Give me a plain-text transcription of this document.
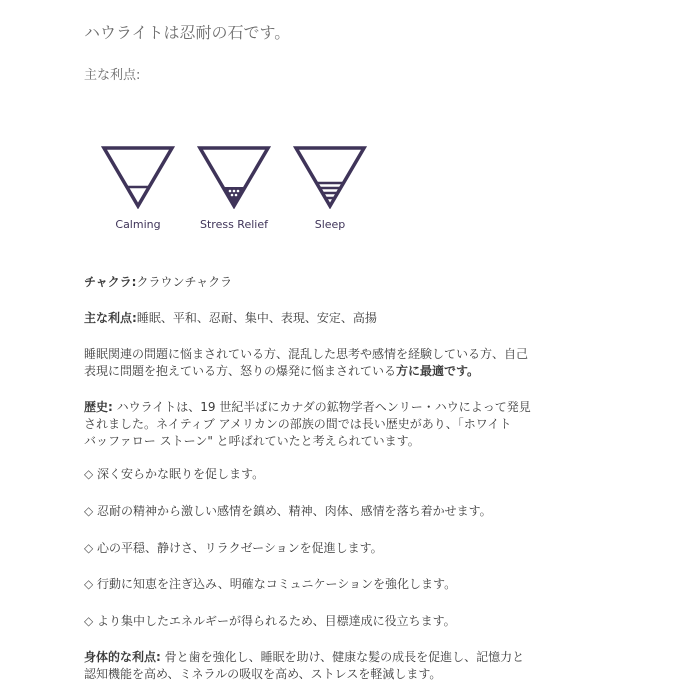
ハウライトは忍耐の石です。
主な利点:
Calming	Stress Relief	Sleep
チャクラ:クラウンチャクラ
主な利点:睡眠、平和、忍耐、集中、表現、安定、高揚
睡眠関連の問題に悩まされている方、混乱した思考や感情を経験している方、自己
表現に問題を抱えている方、怒りの爆発に悩まされている方に最適です。
歴史: ハウライトは、19 世紀半ばにカナダの鉱物学者ヘンリー・ハウによって発見
されました。ネイティブ アメリカンの部族の間では長い歴史があり、「ホワイト
バッファロー ストーン" と呼ばれていたと考えられています。
◇ 深く安らかな眠りを促します。
◇ 忍耐の精神から激しい感情を鎮め、精神、肉体、感情を落ち着かせます。
◇ 心の平穏、静けさ、リラクゼーションを促進します。
◇ 行動に知恵を注ぎ込み、明確なコミュニケーションを強化します。
◇ より集中したエネルギーが得られるため、目標達成に役立ちます。
身体的な利点: 骨と歯を強化し、睡眠を助け、健康な髪の成長を促進し、記憶力と
認知機能を高め、ミネラルの吸収を高め、ストレスを軽減します。
